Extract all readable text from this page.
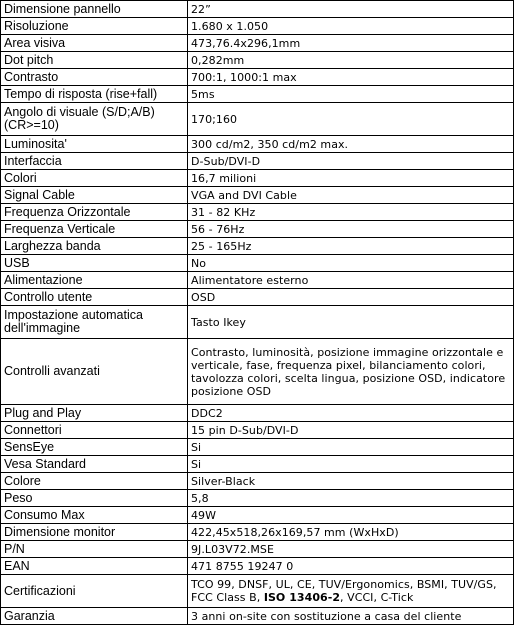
Dimensione pannello	22”
Risoluzione	1.680 x 1.050
Area visiva	473,76.4x296,1mm
Dot pitch	0,282mm
Contrasto	700:1, 1000:1 max
Tempo di risposta (rise+fall)	5ms
Angolo di visuale (S/D;A/B) (CR>=10)	170;160
Luminosita'	300 cd/m2, 350 cd/m2 max.
Interfaccia	D-Sub/DVI-D
Colori	16,7 milioni
Signal Cable	VGA and DVI Cable
Frequenza Orizzontale	31 - 82 KHz
Frequenza Verticale	56 - 76Hz
Larghezza banda	25 - 165Hz
USB	No
Alimentazione	Alimentatore esterno
Controllo utente	OSD
Impostazione automatica dell'immagine	Tasto Ikey
Controlli avanzati	Contrasto, luminosità, posizione immagine orizzontale e verticale, fase, frequenza pixel, bilanciamento colori, tavolozza colori, scelta lingua, posizione OSD, indicatore posizione OSD
Plug and Play	DDC2
Connettori	15 pin D-Sub/DVI-D
SensEye	Si
Vesa Standard	Si
Colore	Silver-Black
Peso	5,8
Consumo Max	49W
Dimensione monitor	422,45x518,26x169,57 mm (WxHxD)
P/N	9J.L03V72.MSE
EAN	471 8755 19247 0
Certificazioni	TCO 99, DNSF, UL, CE, TUV/Ergonomics, BSMI, TUV/GS, FCC Class B, ISO 13406-2, VCCI, C-Tick
Garanzia	3 anni on-site con sostituzione a casa del cliente
